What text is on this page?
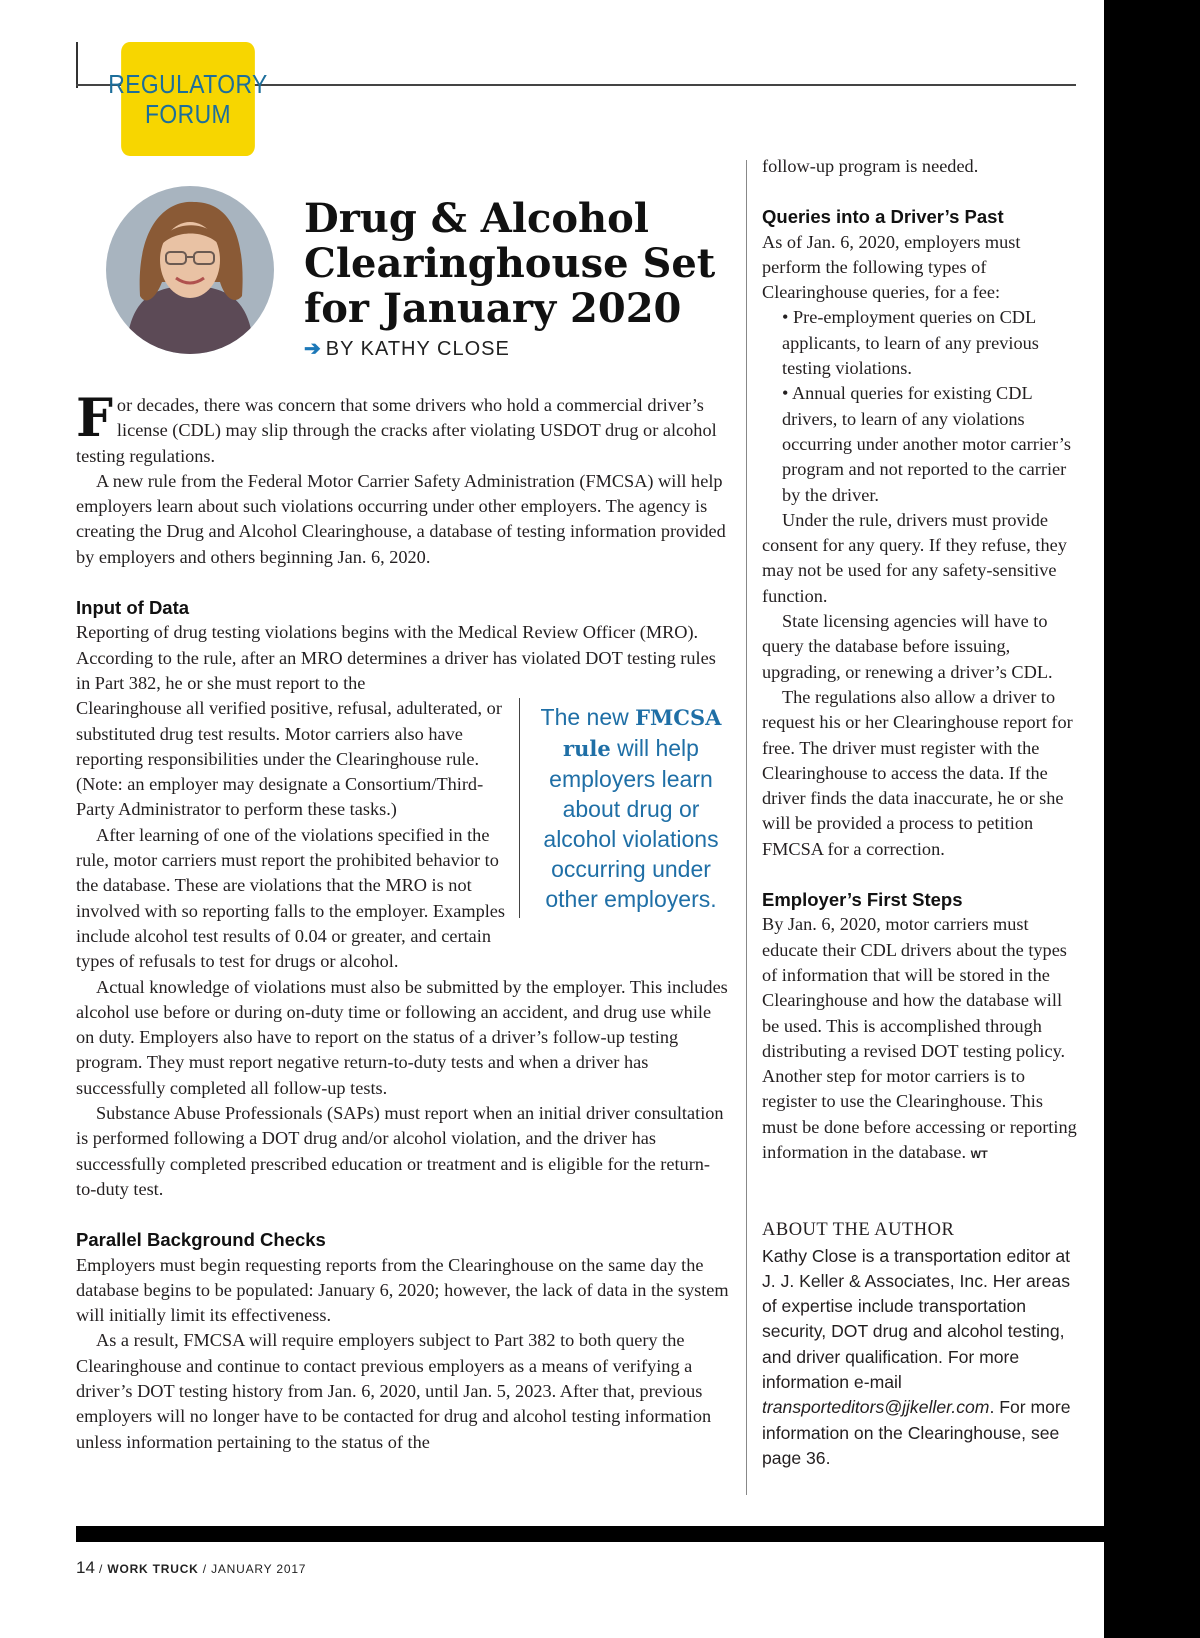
REGULATORY
FORUM
Drug & Alcohol Clearinghouse Set for January 2020
➔ BY KATHY CLOSE

For decades, there was concern that some drivers who hold a commercial driver’s license (CDL) may slip through the cracks after violating USDOT drug or alcohol testing regulations.

A new rule from the Federal Motor Carrier Safety Administration (FMCSA) will help employers learn about such violations occurring under other employers. The agency is creating the Drug and Alcohol Clearinghouse, a database of testing information provided by employers and others beginning Jan. 6, 2020.

Input of Data

Reporting of drug testing violations begins with the Medical Review Officer (MRO). According to the rule, after an MRO determines a driver has violated DOT testing rules in Part 382, he or she must report to the

The new FMCSA rule will help employers learn about drug or alcohol violations occurring under other employers.

Clearinghouse all verified positive, refusal, adulterated, or substituted drug test results. Motor carriers also have reporting responsibilities under the Clearinghouse rule. (Note: an employer may designate a Consortium/Third-Party Administrator to perform these tasks.)

After learning of one of the violations specified in the rule, motor carriers must report the prohibited behavior to the database. These are violations that the MRO is not involved with so reporting falls to the employer. Examples include alcohol test results of 0.04 or greater, and certain types of refusals to test for drugs or alcohol.

Actual knowledge of violations must also be submitted by the employer. This includes alcohol use before or during on-duty time or following an accident, and drug use while on duty. Employers also have to report on the status of a driver’s follow-up testing program. They must report negative return-to-duty tests and when a driver has successfully completed all follow-up tests.

Substance Abuse Professionals (SAPs) must report when an initial driver consultation is performed following a DOT drug and/or alcohol violation, and the driver has successfully completed prescribed education or treatment and is eligible for the return-to-duty test.

Parallel Background Checks

Employers must begin requesting reports from the Clearinghouse on the same day the database begins to be populated: January 6, 2020; however, the lack of data in the system will initially limit its effectiveness.

As a result, FMCSA will require employers subject to Part 382 to both query the Clearinghouse and continue to contact previous employers as a means of verifying a driver’s DOT testing history from Jan. 6, 2020, until Jan. 5, 2023. After that, previous employers will no longer have to be contacted for drug and alcohol testing information unless information pertaining to the status of the

follow-up program is needed.

Queries into a Driver’s Past

As of Jan. 6, 2020, employers must perform the following types of Clearinghouse queries, for a fee:

• Pre-employment queries on CDL applicants, to learn of any previous testing violations.

• Annual queries for existing CDL drivers, to learn of any violations occurring under another motor carrier’s program and not reported to the carrier by the driver.

Under the rule, drivers must provide consent for any query. If they refuse, they may not be used for any safety-sensitive function.

State licensing agencies will have to query the database before issuing, upgrading, or renewing a driver’s CDL.

The regulations also allow a driver to request his or her Clearinghouse report for free. The driver must register with the Clearinghouse to access the data. If the driver finds the data inaccurate, he or she will be provided a process to petition FMCSA for a correction.

Employer’s First Steps

By Jan. 6, 2020, motor carriers must educate their CDL drivers about the types of information that will be stored in the Clearinghouse and how the database will be used. This is accomplished through distributing a revised DOT testing policy. Another step for motor carriers is to register to use the Clearinghouse. This must be done before accessing or reporting information in the database. WT

ABOUT THE AUTHOR
Kathy Close is a transportation editor at J. J. Keller & Associates, Inc. Her areas of expertise include transportation security, DOT drug and alcohol testing, and driver qualification. For more information e-mail transporteditors@jjkeller.com. For more information on the Clearinghouse, see page 36.
14 / WORK TRUCK / JANUARY 2017
